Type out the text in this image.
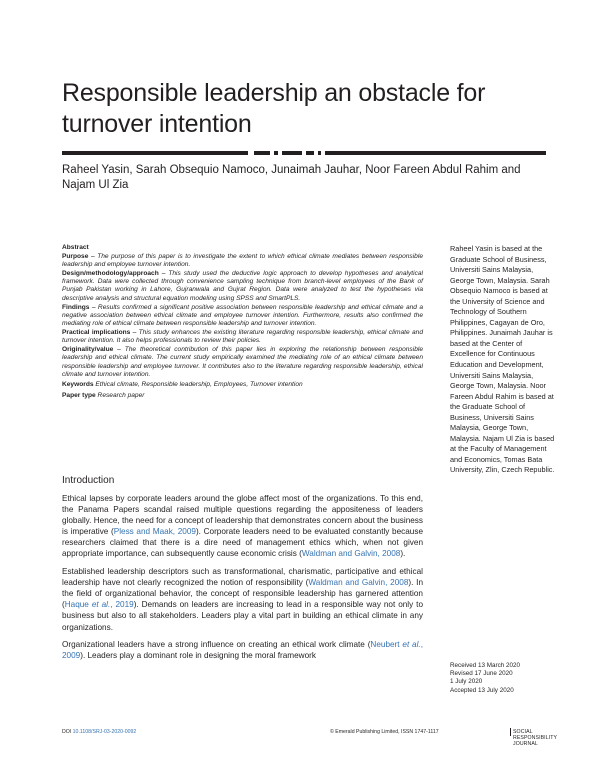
Responsible leadership an obstacle for turnover intention
Raheel Yasin, Sarah Obsequio Namoco, Junaimah Jauhar, Noor Fareen Abdul Rahim and Najam Ul Zia

Abstract

Purpose – The purpose of this paper is to investigate the extent to which ethical climate mediates between responsible leadership and employee turnover intention.

Design/methodology/approach – This study used the deductive logic approach to develop hypotheses and analytical framework. Data were collected through convenience sampling technique from branch-level employees of the Bank of Punjab Pakistan working in Lahore, Gujranwala and Gujrat Region. Data were analyzed to test the hypotheses via descriptive analysis and structural equation modeling using SPSS and SmartPLS.

Findings – Results confirmed a significant positive association between responsible leadership and ethical climate and a negative association between ethical climate and employee turnover intention. Furthermore, results also confirmed the mediating role of ethical climate between responsible leadership and turnover intention.

Practical implications – This study enhances the existing literature regarding responsible leadership, ethical climate and turnover intention. It also helps professionals to review their policies.

Originality/value – The theoretical contribution of this paper lies in exploring the relationship between responsible leadership and ethical climate. The current study empirically examined the mediating role of an ethical climate between responsible leadership and employee turnover. It contributes also to the literature regarding responsible leadership, ethical climate and turnover intention.

Keywords Ethical climate, Responsible leadership, Employees, Turnover intention

Paper type Research paper

Raheel Yasin is based at the Graduate School of Business, Universiti Sains Malaysia, George Town, Malaysia. Sarah Obsequio Namoco is based at the University of Science and Technology of Southern Philippines, Cagayan de Oro, Philippines. Junaimah Jauhar is based at the Center of Excellence for Continuous Education and Development, Universiti Sains Malaysia, George Town, Malaysia. Noor Fareen Abdul Rahim is based at the Graduate School of Business, Universiti Sains Malaysia, George Town, Malaysia. Najam Ul Zia is based at the Faculty of Management and Economics, Tomas Bata University, Zlin, Czech Republic.
Introduction

Ethical lapses by corporate leaders around the globe affect most of the organizations. To this end, the Panama Papers scandal raised multiple questions regarding the appositeness of leaders globally. Hence, the need for a concept of leadership that demonstrates concern about the business is imperative (Pless and Maak, 2009). Corporate leaders need to be evaluated constantly because researchers claimed that there is a dire need of management ethics which, when not given appropriate importance, can subsequently cause economic crisis (Waldman and Galvin, 2008).

Established leadership descriptors such as transformational, charismatic, participative and ethical leadership have not clearly recognized the notion of responsibility (Waldman and Galvin, 2008). In the field of organizational behavior, the concept of responsible leadership has garnered attention (Haque et al., 2019). Demands on leaders are increasing to lead in a responsible way not only to business but also to all stakeholders. Leaders play a vital part in building an ethical climate in any organizations.

Organizational leaders have a strong influence on creating an ethical work climate (Neubert et al., 2009). Leaders play a dominant role in designing the moral framework

Received 13 March 2020
Revised 17 June 2020
1 July 2020
Accepted 13 July 2020
DOI 10.1108/SRJ-03-2020-0092	© Emerald Publishing Limited, ISSN 1747-1117	SOCIAL RESPONSIBILITY JOURNAL
